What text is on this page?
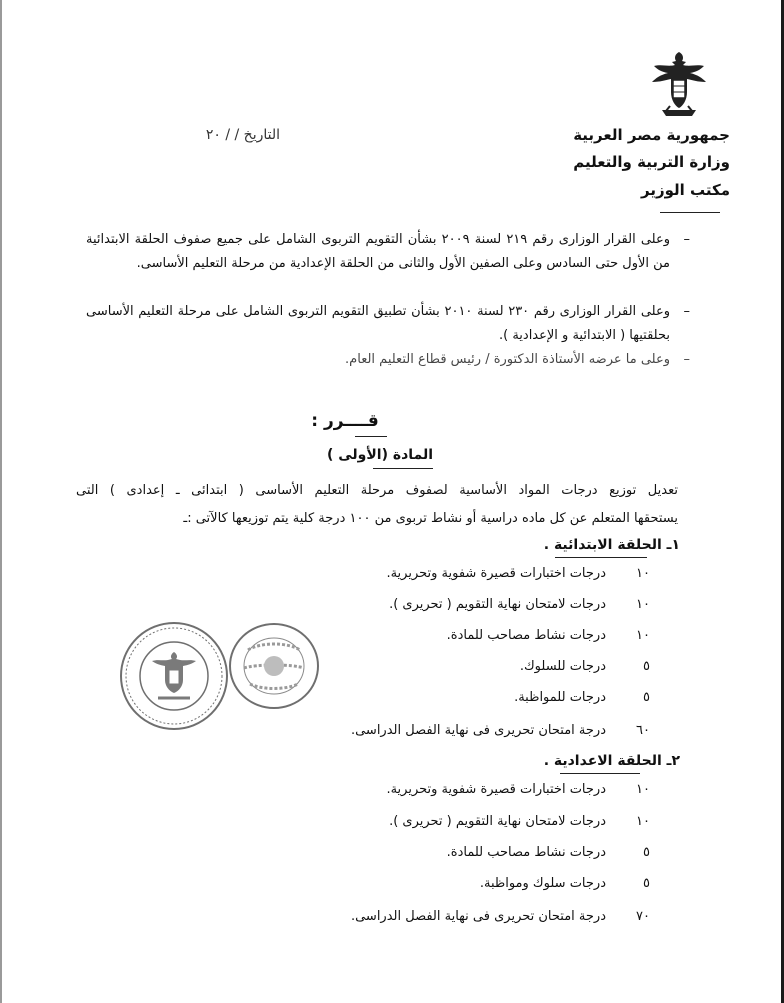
جمهورية مصر العربية
وزارة التربية والتعليم
مكتب الوزير
التاريخ / / ٢٠
–
وعلى القرار الوزارى رقم ٢١٩ لسنة ٢٠٠٩ بشأن التقويم التربوى الشامل على جميع صفوف الحلقة الابتدائية من الأول حتى السادس وعلى الصفين الأول والثانى من الحلقة الإعدادية من مرحلة التعليم الأساسى.
–
وعلى القرار الوزارى رقم ٢٣٠ لسنة ٢٠١٠ بشأن تطبيق التقويم التربوى الشامل على مرحلة التعليم الأساسى بحلقتيها ( الابتدائية و الإعدادية ).
–
وعلى ما عرضه الأستاذة الدكتورة / رئيس قطاع التعليم العام.
قــــرر :
المادة (الأولى )
تعديل توزيع درجات المواد الأساسية لصفوف مرحلة التعليم الأساسى ( ابتدائى ـ إعدادى ) التى
يستحقها المتعلم عن كل ماده دراسية أو نشاط تربوى من ١٠٠ درجة كلية يتم توزيعها كالآتى :ـ
١ـ الحلقة الابتدائية .
١٠
درجات اختبارات قصيرة شفوية وتحريرية.
١٠
درجات لامتحان نهاية التقويم ( تحريرى ).
١٠
درجات نشاط مصاحب للمادة.
٥
درجات للسلوك.
٥
درجات للمواظبة.
٦٠
درجة امتحان تحريرى فى نهاية الفصل الدراسى.
٢ـ الحلقة الاعدادية .
١٠
درجات اختبارات قصيرة شفوية وتحريرية.
١٠
درجات لامتحان نهاية التقويم ( تحريرى ).
٥
درجات نشاط مصاحب للمادة.
٥
درجات سلوك ومواظبة.
٧٠
درجة امتحان تحريرى فى نهاية الفصل الدراسى.
